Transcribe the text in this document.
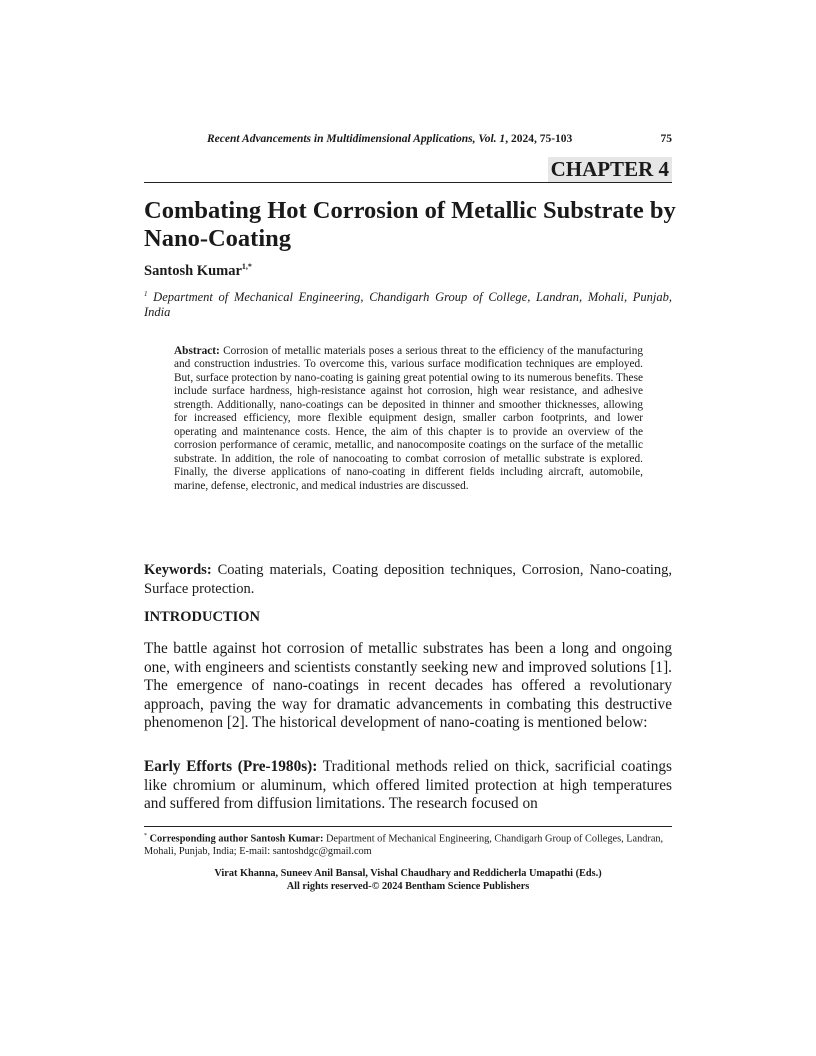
Recent Advancements in Multidimensional Applications, Vol. 1, 2024, 75-103	75
CHAPTER 4
Combating Hot Corrosion of Metallic Substrate by Nano-Coating
Santosh Kumar$^{1,*}$
$^1$ Department of Mechanical Engineering, Chandigarh Group of College, Landran, Mohali, Punjab, India
Abstract: Corrosion of metallic materials poses a serious threat to the efficiency of the manufacturing and construction industries. To overcome this, various surface modification techniques are employed. But, surface protection by nano-coating is gaining great potential owing to its numerous benefits. These include surface hardness, high-resistance against hot corrosion, high wear resistance, and adhesive strength. Additionally, nano-coatings can be deposited in thinner and smoother thicknesses, allowing for increased efficiency, more flexible equipment design, smaller carbon footprints, and lower operating and maintenance costs. Hence, the aim of this chapter is to provide an overview of the corrosion performance of ceramic, metallic, and nanocomposite coatings on the surface of the metallic substrate. In addition, the role of nanocoating to combat corrosion of metallic substrate is explored. Finally, the diverse applications of nano-coating in different fields including aircraft, automobile, marine, defense, electronic, and medical industries are discussed.
Keywords: Coating materials, Coating deposition techniques, Corrosion, Nano-coating, Surface protection.
INTRODUCTION
The battle against hot corrosion of metallic substrates has been a long and ongoing one, with engineers and scientists constantly seeking new and improved solutions [1]. The emergence of nano-coatings in recent decades has offered a revolutionary approach, paving the way for dramatic advancements in combating this destructive phenomenon [2]. The historical development of nano-coating is mentioned below:
Early Efforts (Pre-1980s): Traditional methods relied on thick, sacrificial coatings like chromium or aluminum, which offered limited protection at high temperatures and suffered from diffusion limitations. The research focused on
* Corresponding author Santosh Kumar: Department of Mechanical Engineering, Chandigarh Group of Colleges, Landran, Mohali, Punjab, India; E-mail: santoshdgc@gmail.com
Virat Khanna, Suneev Anil Bansal, Vishal Chaudhary and Reddicherla Umapathi (Eds.)
All rights reserved-© 2024 Bentham Science Publishers
